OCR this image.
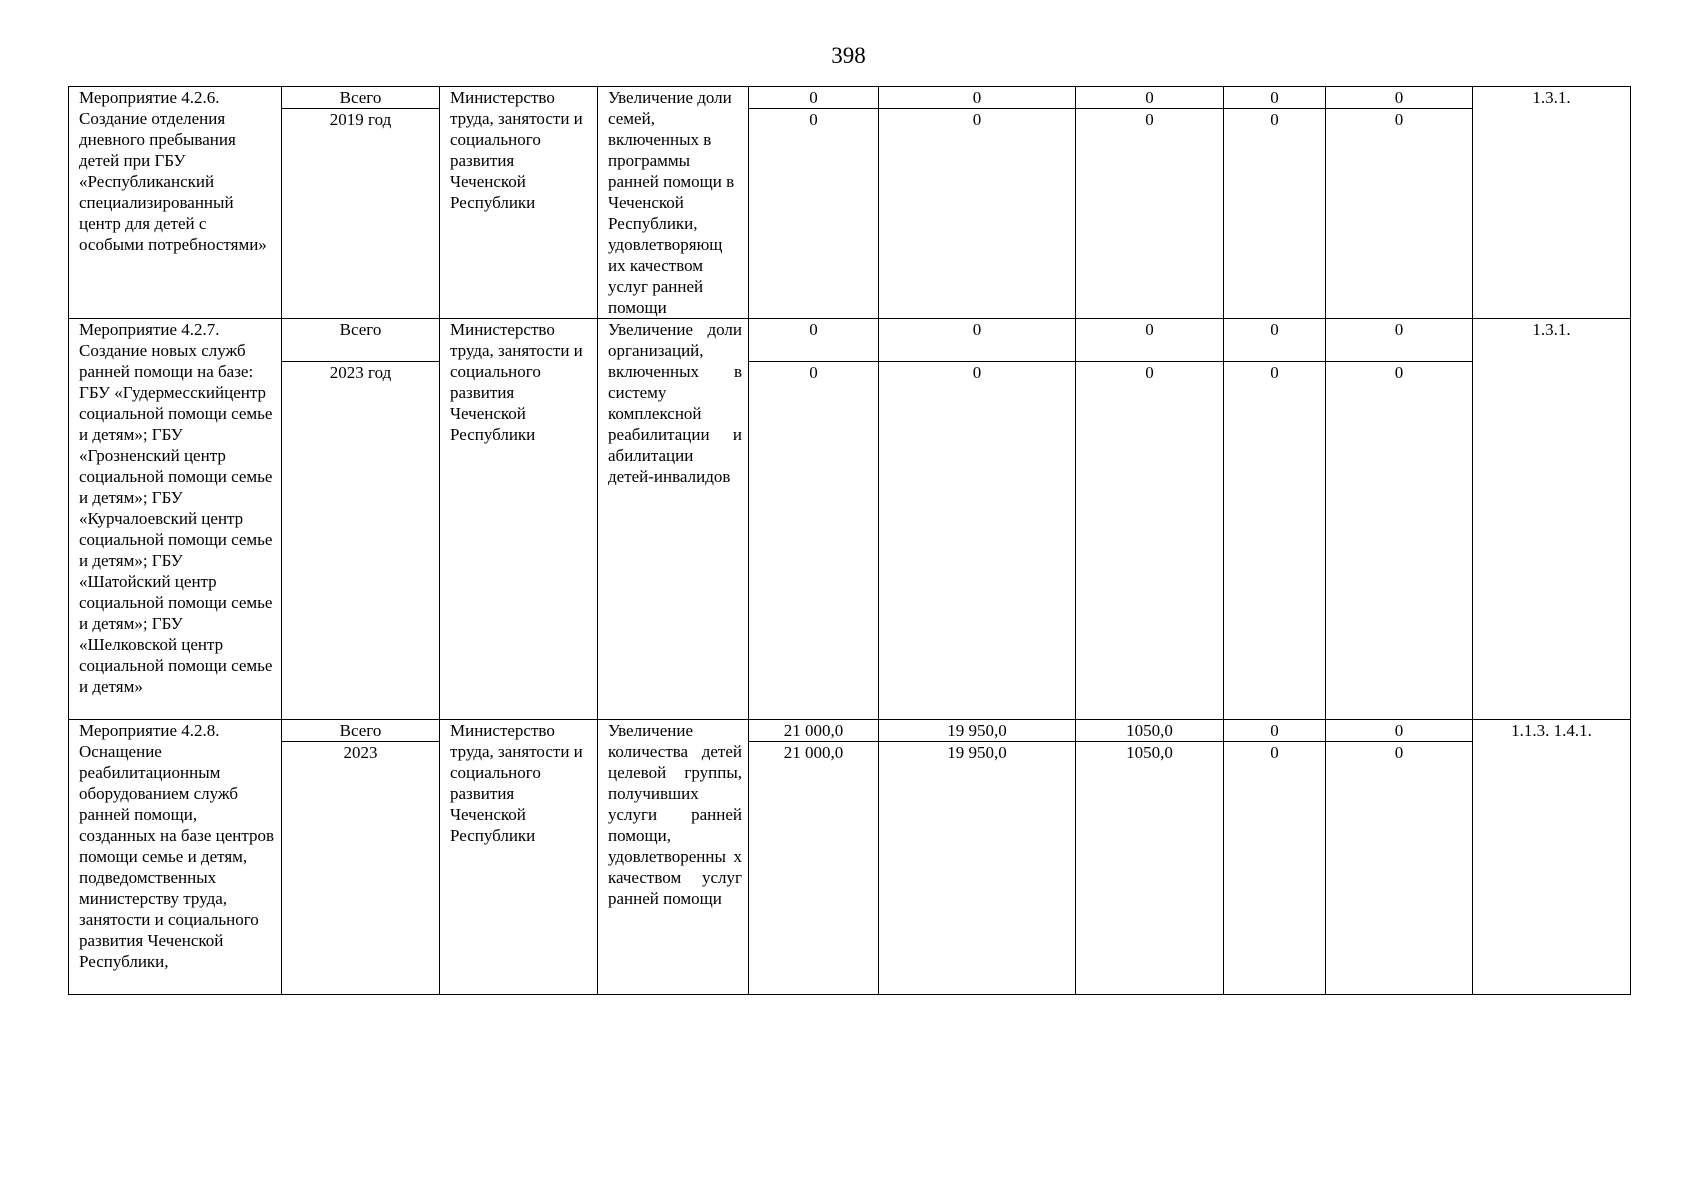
398
Мероприятие 4.2.6. Создание отделения дневного пребывания детей при ГБУ «Республиканский специализированный центр для детей с особыми потребностями»	Всего	Министерство труда, занятости и социального развития Чеченской Республики	Увеличение доли семей, включенных в программы ранней помощи в Чеченской Республики, удовлетворяющ их качеством услуг ранней помощи	0	0	0	0	0	1.3.1.
	2019 год			0	0	0	0	0	

Мероприятие 4.2.7. Создание новых служб ранней помощи на базе: ГБУ «Гудермесскийцентр социальной помощи семье и детям»; ГБУ «Грозненский центр социальной помощи семье и детям»; ГБУ «Курчалоевский центр социальной помощи семье и детям»; ГБУ «Шатойский центр социальной помощи семье и детям»; ГБУ «Шелковской центр социальной помощи семье и детям»	Всего	Министерство труда, занятости и социального развития Чеченской Республики	Увеличение доли организаций, включенных в систему комплексной реабилитации и абилитации детей-инвалидов	0	0	0	0	0	1.3.1.
	2023 год			0	0	0	0	0	

Мероприятие 4.2.8. Оснащение реабилитационным оборудованием служб ранней помощи, созданных на базе центров помощи семье и детям, подведомственных министерству труда, занятости и социального развития Чеченской Республики,	Всего	Министерство труда, занятости и социального развития Чеченской Республики	Увеличение количества детей целевой группы, получивших услуги ранней помощи, удовлетворенны х качеством услуг ранней помощи	21 000,0	19 950,0	1050,0	0	0	1.1.3. 1.4.1.
	2023			21 000,0	19 950,0	1050,0	0	0	
